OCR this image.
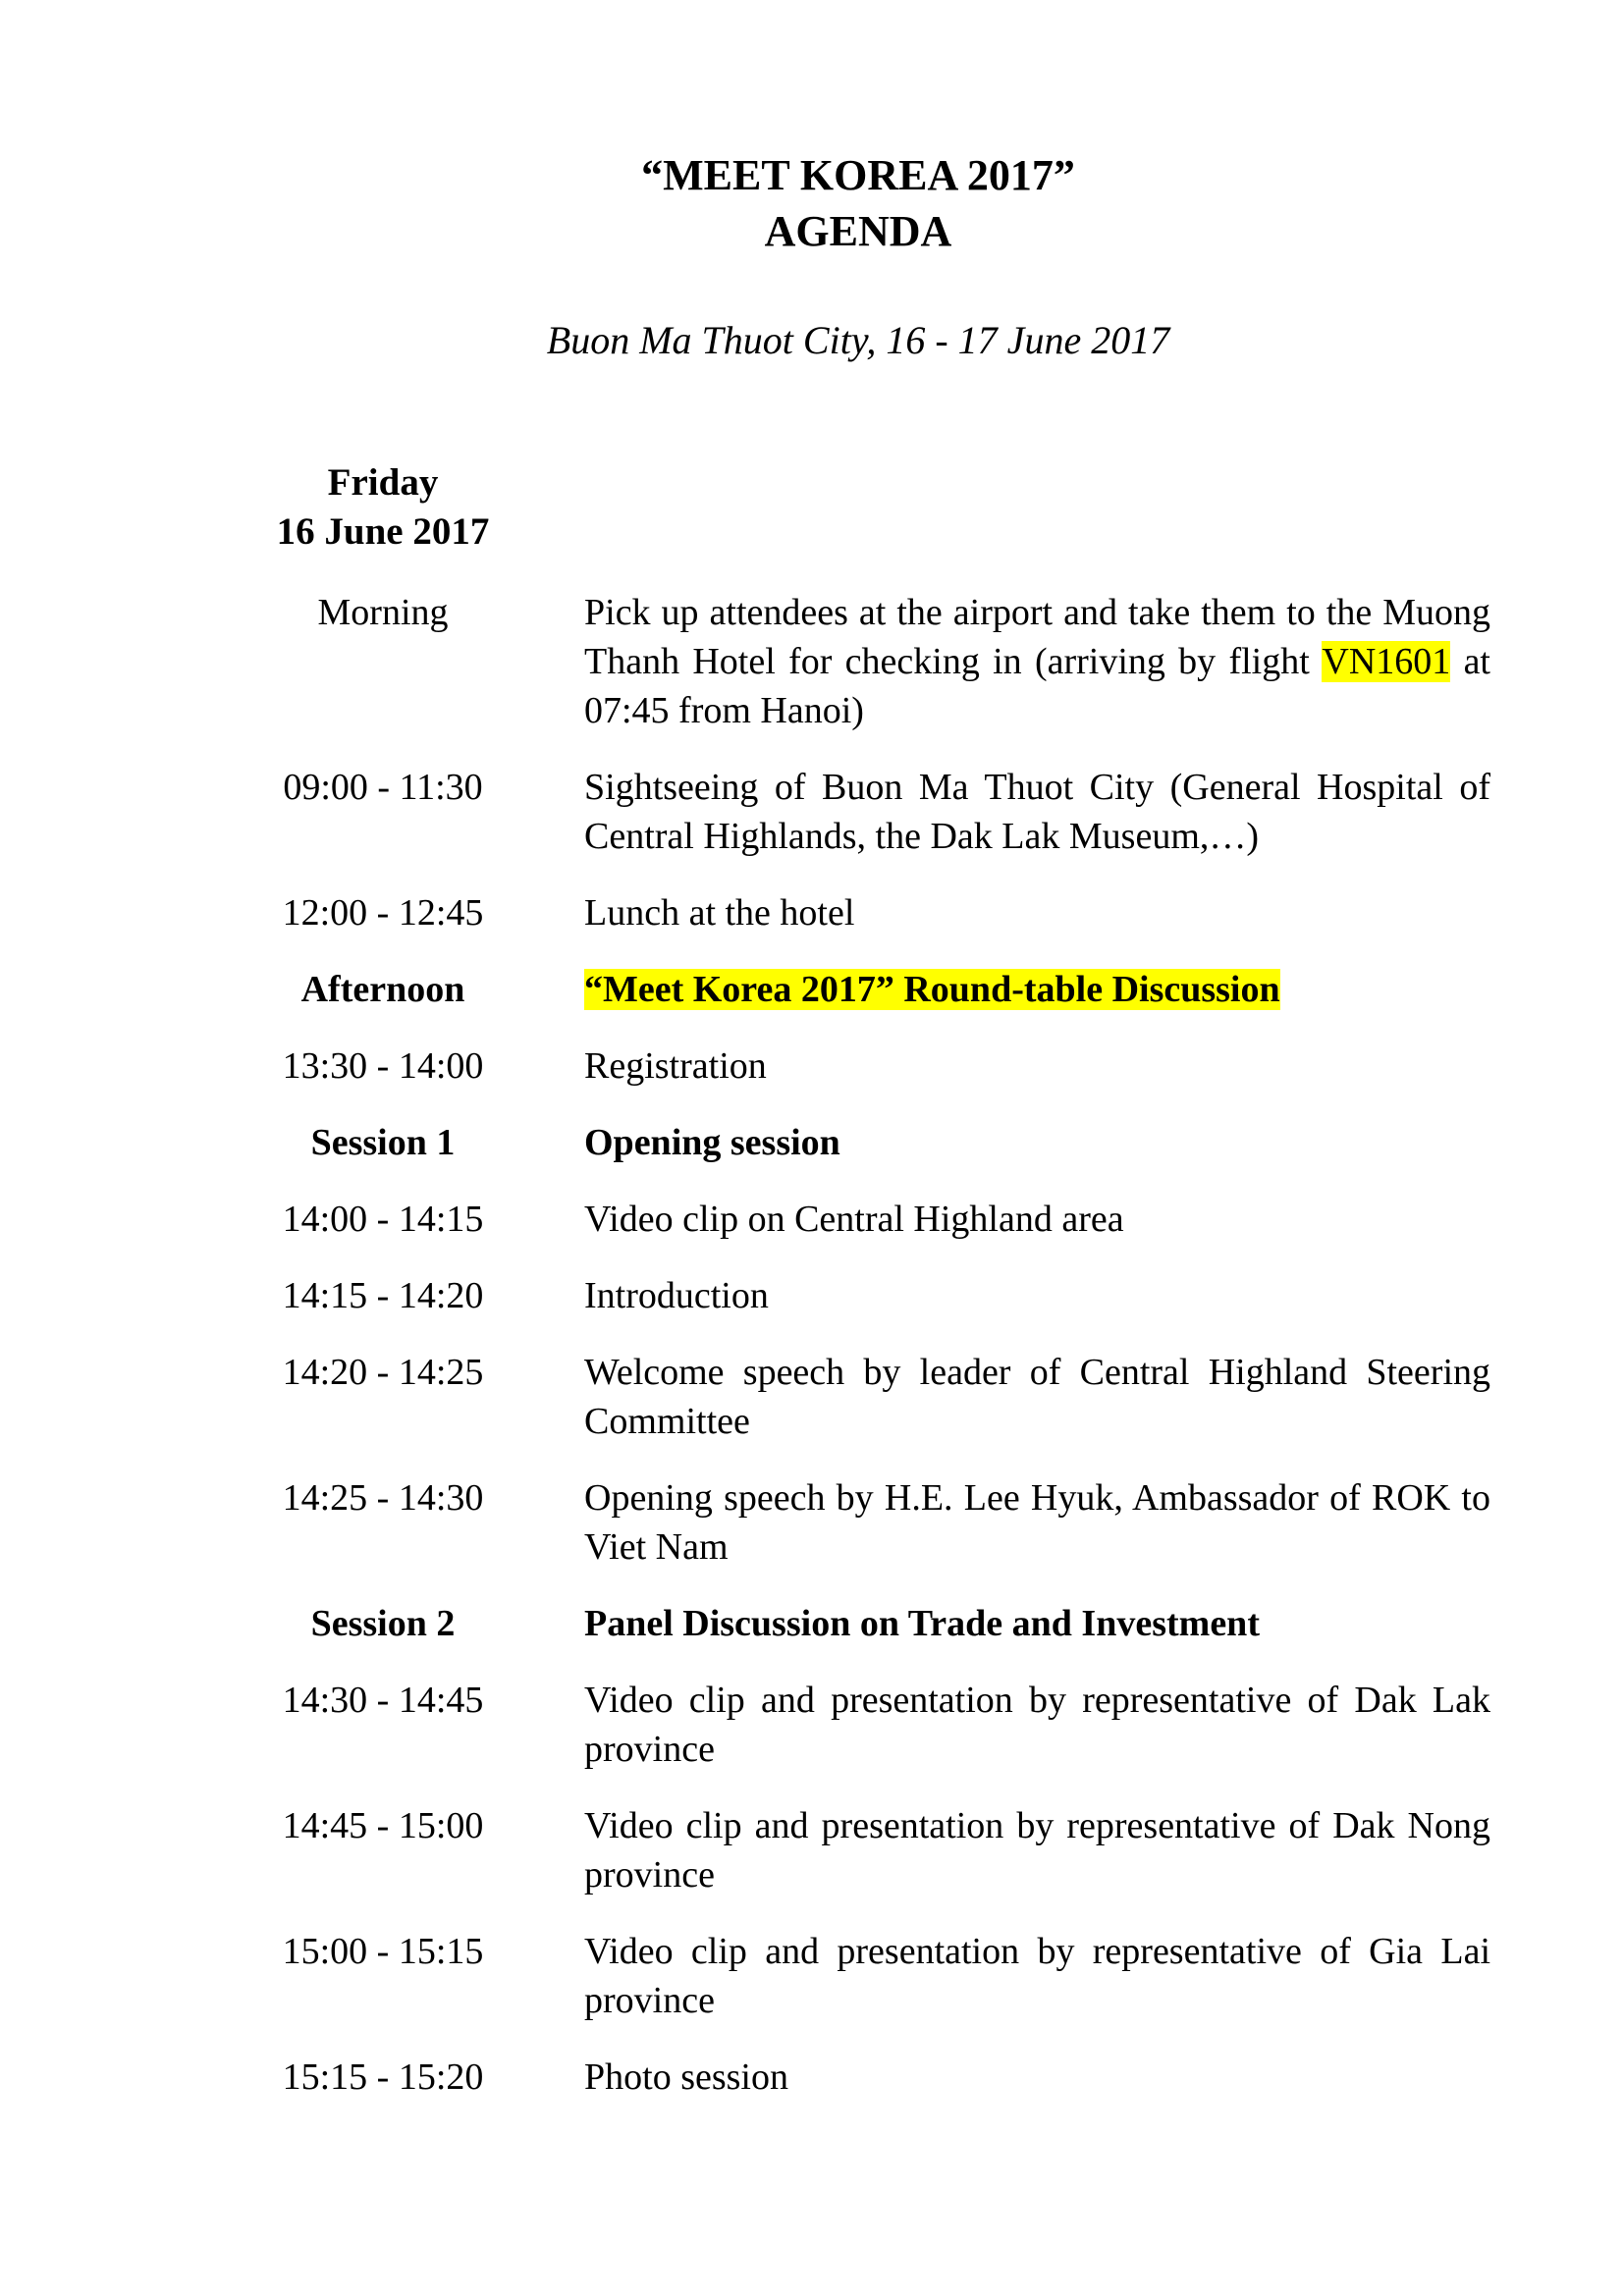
“MEET KOREA 2017”
AGENDA
Buon Ma Thuot City, 16 - 17 June 2017
Friday
16 June 2017
Morning	Pick up attendees at the airport and take them to the Muong Thanh Hotel for checking in (arriving by flight VN1601 at 07:45 from Hanoi)
09:00 - 11:30	Sightseeing of Buon Ma Thuot City (General Hospital of Central Highlands, the Dak Lak Museum,…)
12:00 - 12:45	Lunch at the hotel
Afternoon	“Meet Korea 2017” Round-table Discussion
13:30 - 14:00	Registration
Session 1	Opening session
14:00 - 14:15	Video clip on Central Highland area
14:15 - 14:20	Introduction
14:20 - 14:25	Welcome speech by leader of Central Highland Steering Committee
14:25 - 14:30	Opening speech by H.E. Lee Hyuk, Ambassador of ROK to Viet Nam
Session 2	Panel Discussion on Trade and Investment
14:30 - 14:45	Video clip and presentation by representative of Dak Lak province
14:45 - 15:00	Video clip and presentation by representative of Dak Nong province
15:00 - 15:15	Video clip and presentation by representative of Gia Lai province
15:15 - 15:20	Photo session
